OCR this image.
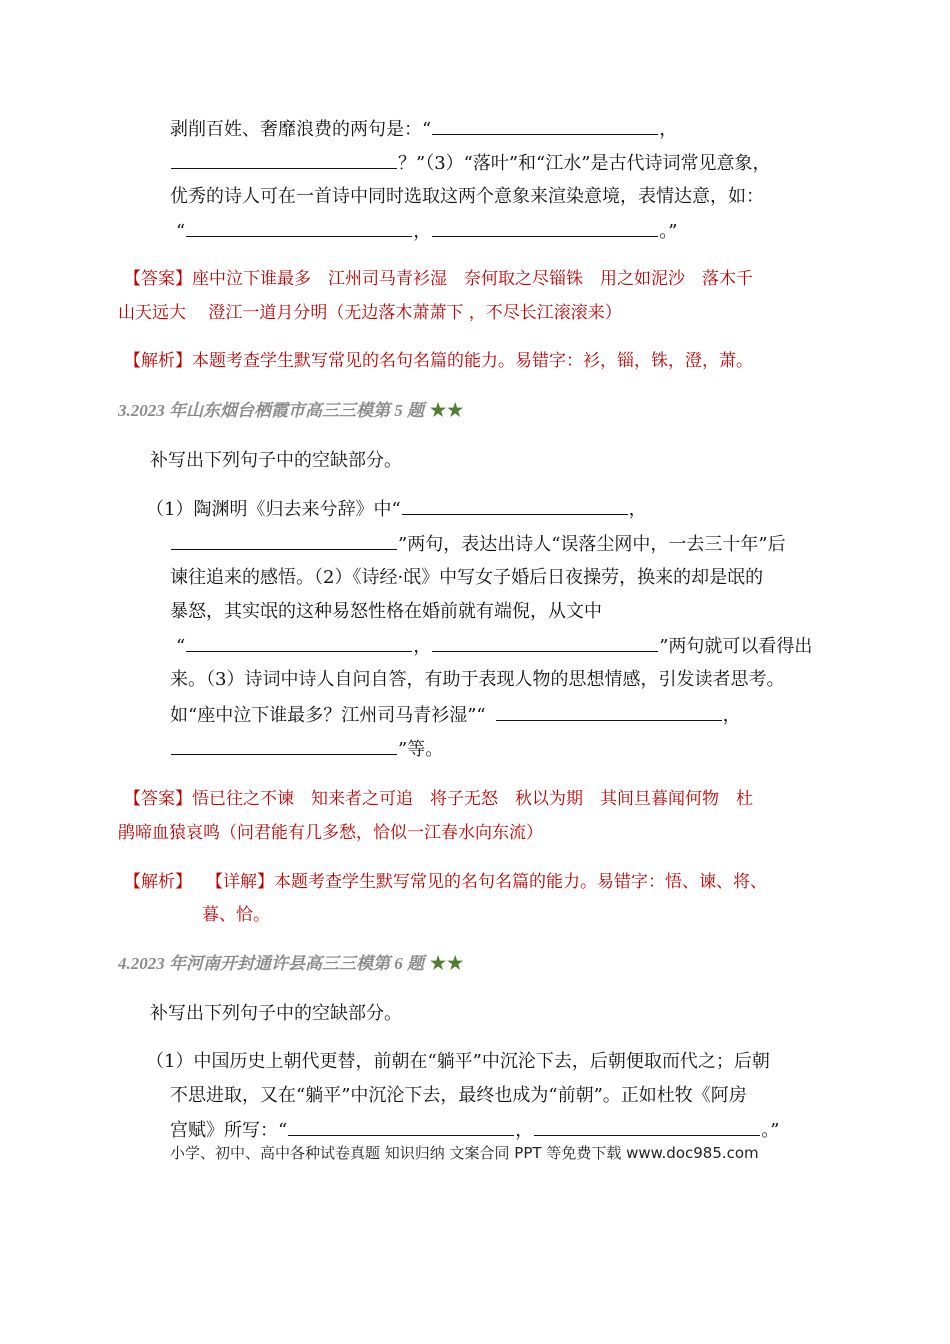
剥削百姓、奢靡浪费的两句是：“	，
？”（3）“落叶”和“江水”是古代诗词常见意象，
优秀的诗人可在一首诗中同时选取这两个意象来渲染意境，表情达意，如：
“	，	。”
【答案】座中泣下谁最多　江州司马青衫湿　奈何取之尽锱铢　用之如泥沙　落木千
山天远大　 澄江一道月分明（无边落木萧萧下 ，不尽长江滚滚来）
【解析】本题考查学生默写常见的名句名篇的能力。易错字：衫，锱，铢，澄，萧。
3.2023 年山东烟台栖霞市高三三模第 5 题 ★★
补写出下列句子中的空缺部分。
（1）陶渊明《归去来兮辞》中“	，
”两句，表达出诗人“误落尘网中，一去三十年”后
谏往追来的感悟。（2）《诗经·氓》中写女子婚后日夜操劳，换来的却是氓的
暴怒，其实氓的这种易怒性格在婚前就有端倪，从文中
“	，	”两句就可以看得出
来。（3）诗词中诗人自问自答，有助于表现人物的思想情感，引发读者思考。
如“座中泣下谁最多？江州司马青衫湿”“	，
”等。
【答案】悟已往之不谏　知来者之可追　将子无怒　秋以为期　其间旦暮闻何物　杜
鹃啼血猿哀鸣（问君能有几多愁，恰似一江春水向东流）
【解析】 【详解】本题考查学生默写常见的名句名篇的能力。易错字：悟、谏、将、
暮、恰。
4.2023 年河南开封通许县高三三模第 6 题 ★★
补写出下列句子中的空缺部分。
（1）中国历史上朝代更替，前朝在“躺平”中沉沦下去，后朝便取而代之；后朝
不思进取，又在“躺平”中沉沦下去，最终也成为“前朝”。正如杜牧《阿房
宫赋》所写：“	，	。”
小学、初中、高中各种试卷真题 知识归纳 文案合同 PPT 等免费下载 www.doc985.com
